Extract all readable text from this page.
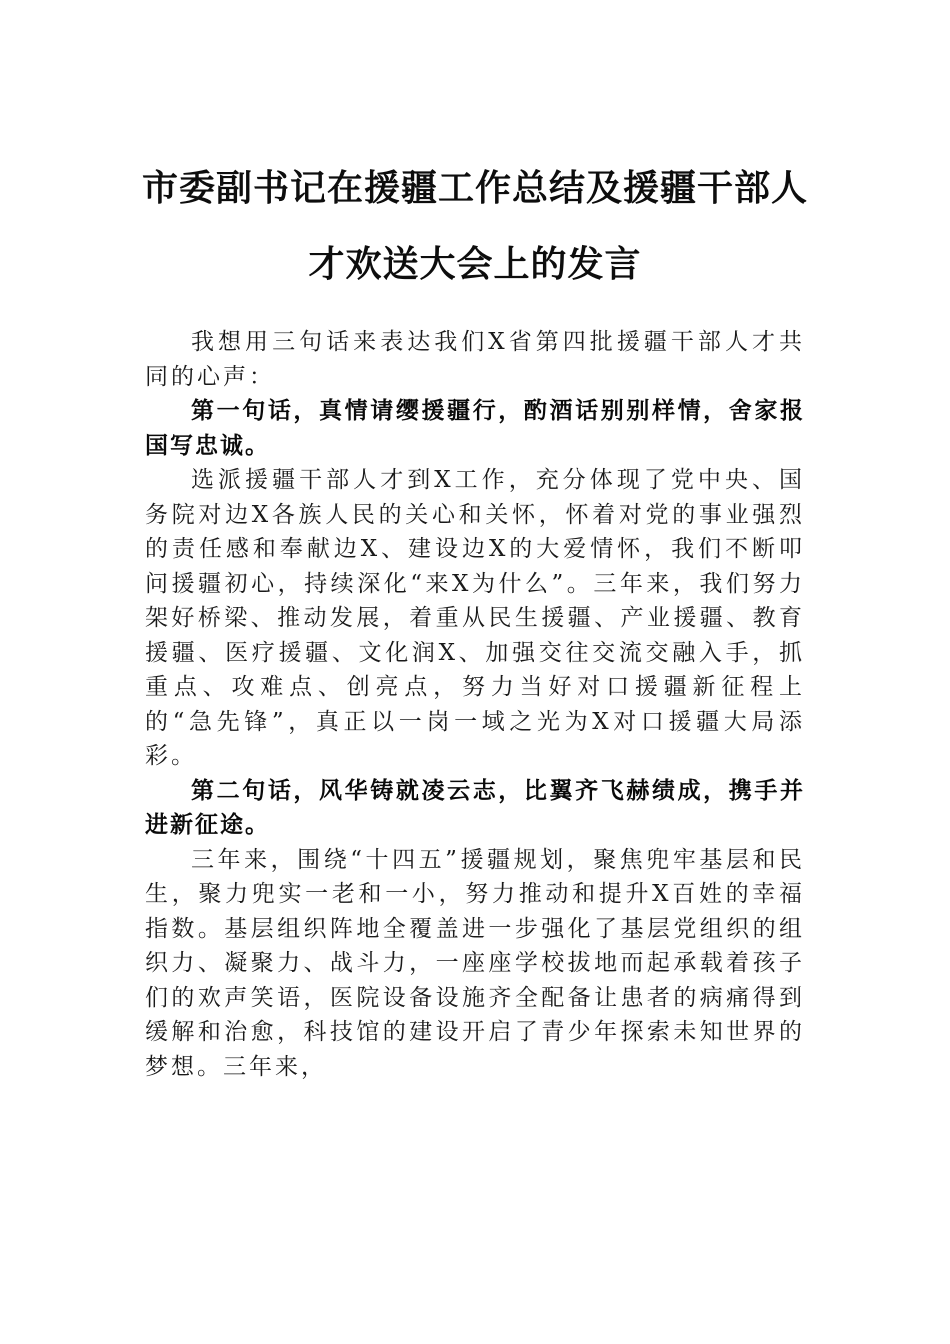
市委副书记在援疆工作总结及援疆干部人才欢送大会上的发言

我想用三句话来表达我们X省第四批援疆干部人才共同的心声：

第一句话，真情请缨援疆行，酌酒话别别样情，舍家报国写忠诚。

选派援疆干部人才到X工作，充分体现了党中央、国务院对边X各族人民的关心和关怀，怀着对党的事业强烈的责任感和奉献边X、建设边X的大爱情怀，我们不断叩问援疆初心，持续深化“来X为什么”。三年来，我们努力架好桥梁、推动发展，着重从民生援疆、产业援疆、教育援疆、医疗援疆、文化润X、加强交往交流交融入手，抓重点、攻难点、创亮点，努力当好对口援疆新征程上的“急先锋”，真正以一岗一域之光为X对口援疆大局添彩。

第二句话，风华铸就凌云志，比翼齐飞赫绩成，携手并进新征途。

三年来，围绕“十四五”援疆规划，聚焦兜牢基层和民生，聚力兜实一老和一小，努力推动和提升X百姓的幸福指数。基层组织阵地全覆盖进一步强化了基层党组织的组织力、凝聚力、战斗力，一座座学校拔地而起承载着孩子们的欢声笑语，医院设备设施齐全配备让患者的病痛得到缓解和治愈，科技馆的建设开启了青少年探索未知世界的梦想。三年来，
